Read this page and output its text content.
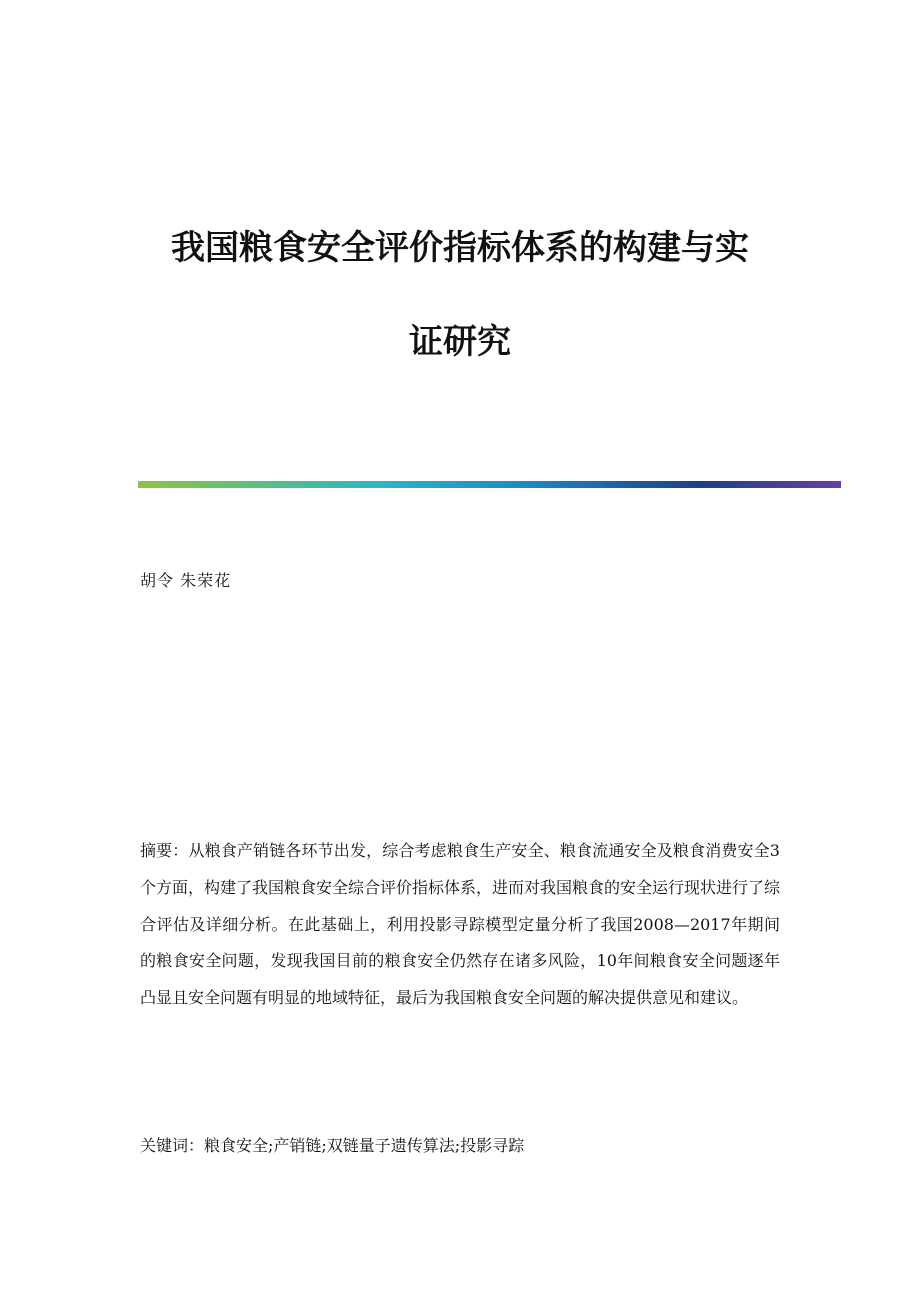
我国粮食安全评价指标体系的构建与实
证研究
胡令 朱荣花

摘要：从粮食产销链各环节出发，综合考虑粮食生产安全、粮食流通安全及粮食消费安全3个方面，构建了我国粮食安全综合评价指标体系，进而对我国粮食的安全运行现状进行了综合评估及详细分析。在此基础上，利用投影寻踪模型定量分析了我国2008—2017年期间的粮食安全问题，发现我国目前的粮食安全仍然存在诸多风险，10年间粮食安全问题逐年凸显且安全问题有明显的地域特征，最后为我国粮食安全问题的解决提供意见和建议。

关键词：粮食安全;产销链;双链量子遗传算法;投影寻踪
